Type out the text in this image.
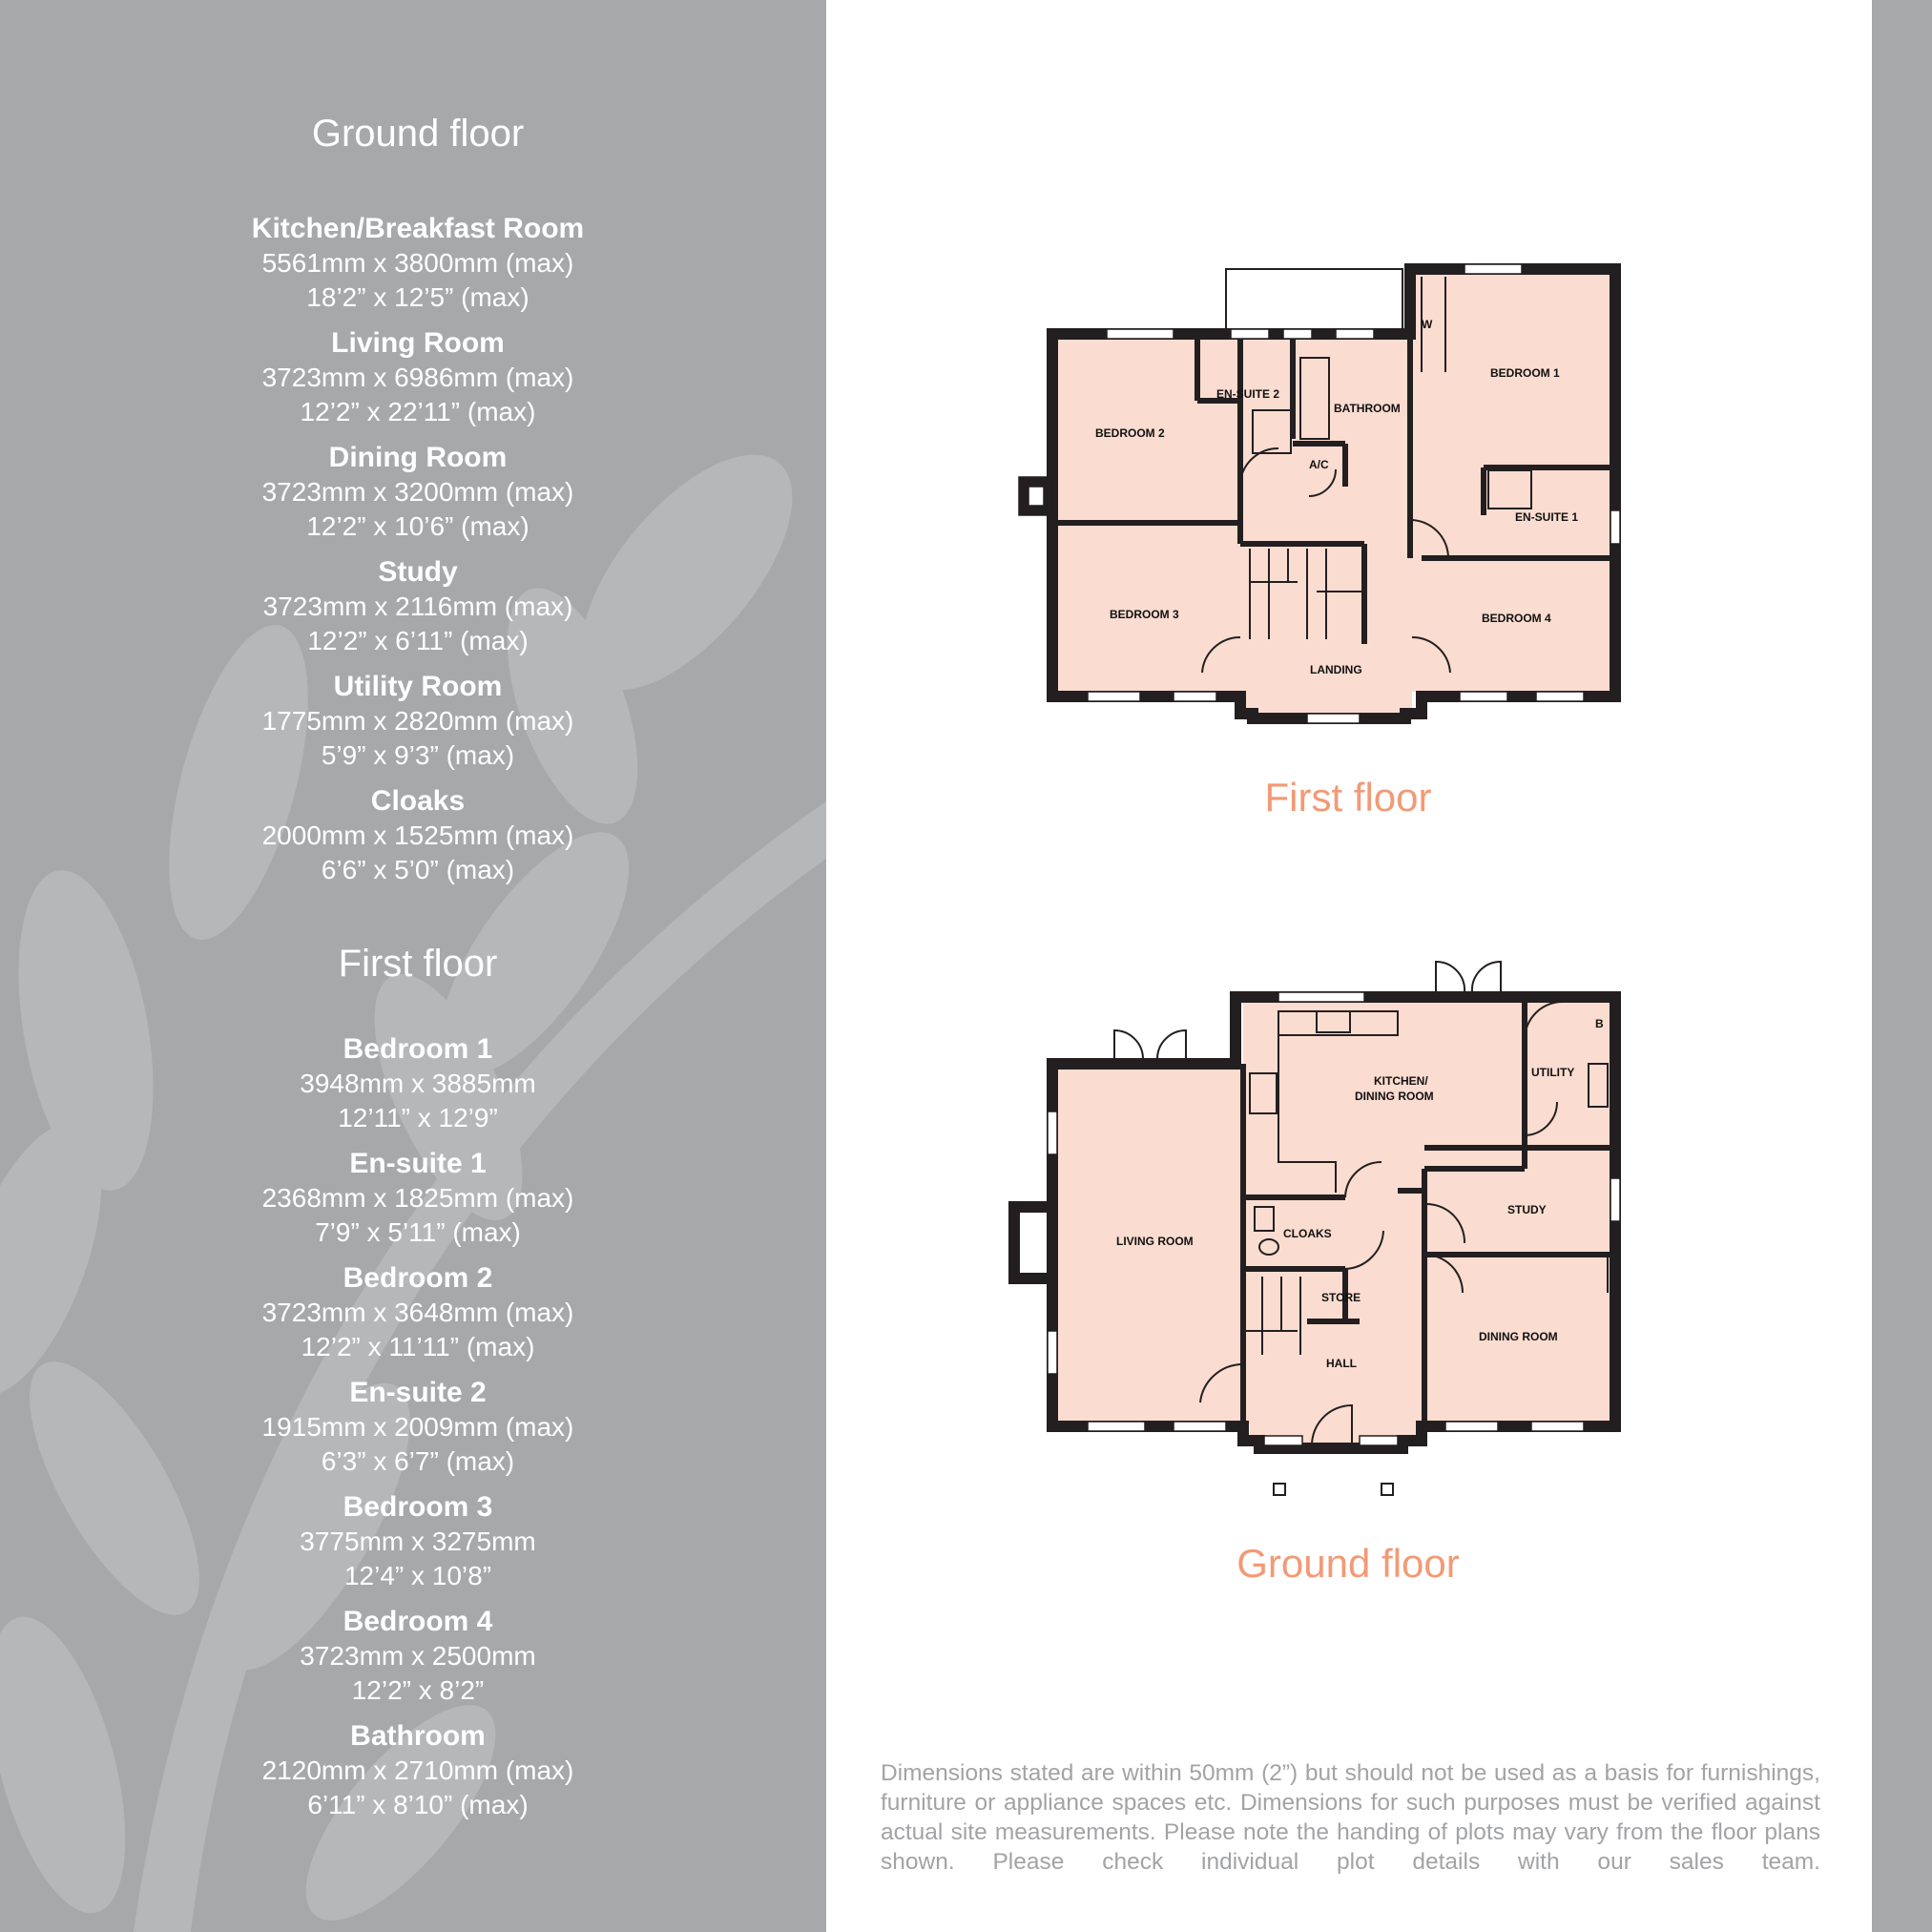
Ground floor
Kitchen/Breakfast Room
5561mm x 3800mm (max)
18’2” x 12’5” (max)
Living Room
3723mm x 6986mm (max)
12’2” x 22’11” (max)
Dining Room
3723mm x 3200mm (max)
12’2” x 10’6” (max)
Study
3723mm x 2116mm (max)
12’2” x 6’11” (max)
Utility Room
1775mm x 2820mm (max)
5’9” x 9’3” (max)
Cloaks
2000mm x 1525mm (max)
6’6” x 5’0” (max)
First floor
Bedroom 1
3948mm x 3885mm
12’11” x 12’9”
En-suite 1
2368mm x 1825mm (max)
7’9” x 5’11” (max)
Bedroom 2
3723mm x 3648mm (max)
12’2” x 11’11” (max)
En-suite 2
1915mm x 2009mm (max)
6’3” x 6’7” (max)
Bedroom 3
3775mm x 3275mm
12’4” x 10’8”
Bedroom 4
3723mm x 2500mm
12’2” x 8’2”
Bathroom
2120mm x 2710mm (max)
6’11” x 8’10” (max)
BEDROOM 2
EN-SUITE 2
BATHROOM
W
BEDROOM 1
A/C
EN-SUITE 1
BEDROOM 3	BEDROOM 4
LANDING
First floor
LIVING ROOM
KITCHEN/
DINING ROOM
UTILITY
B
STUDY
CLOAKS
STORE
HALL
DINING ROOM
Ground floor
Dimensions stated are within 50mm (2”) but should not be used as a basis for furnishings, furniture or appliance spaces etc. Dimensions for such purposes must be verified against actual site measurements. Please note the handing of plots may vary from the floor plans shown. Please check individual plot details with our sales team.
